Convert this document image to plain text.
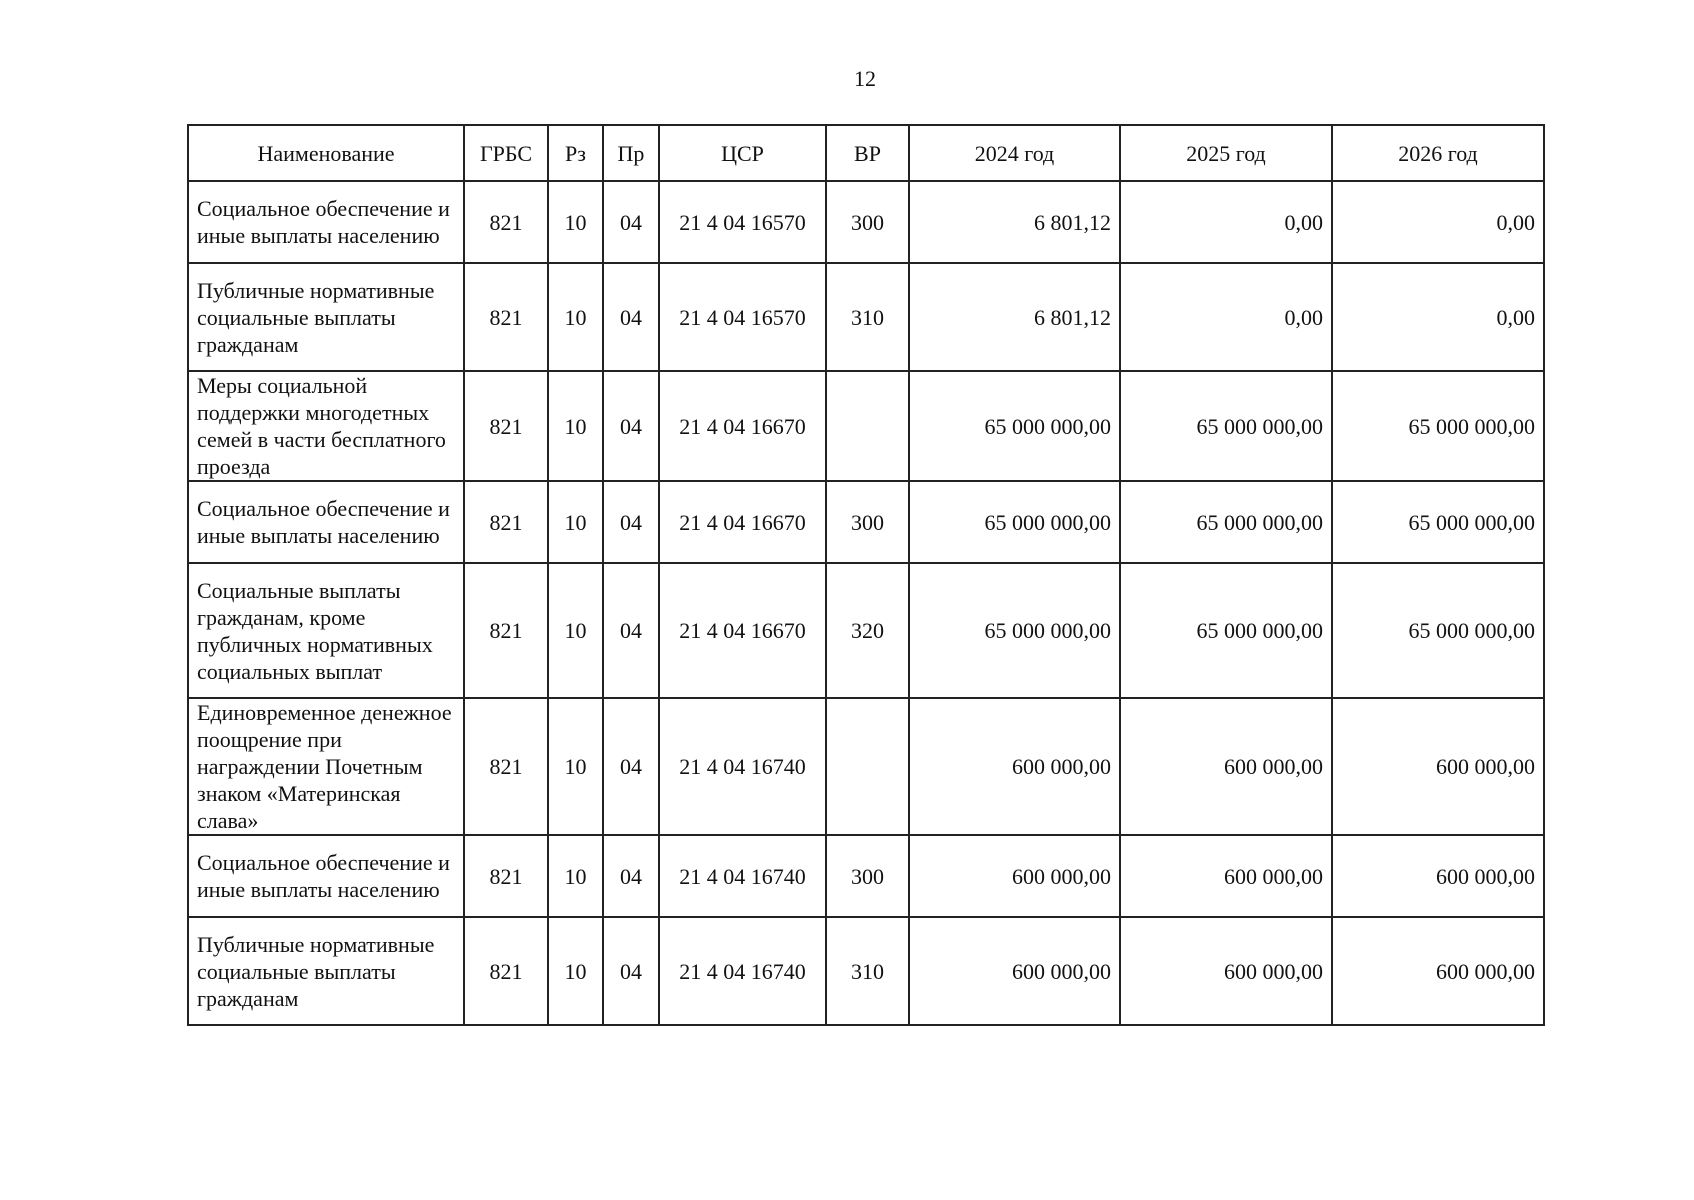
12
Наименование	ГРБС	Рз	Пр	ЦСР	ВР	2024 год	2025 год	2026 год
Социальное обеспечение и иные выплаты населению	821	10	04	21 4 04 16570	300	6 801,12	0,00	0,00
Публичные нормативные социальные выплаты гражданам	821	10	04	21 4 04 16570	310	6 801,12	0,00	0,00
Меры социальной поддержки многодетных семей в части бесплатного проезда	821	10	04	21 4 04 16670		65 000 000,00	65 000 000,00	65 000 000,00
Социальное обеспечение и иные выплаты населению	821	10	04	21 4 04 16670	300	65 000 000,00	65 000 000,00	65 000 000,00
Социальные выплаты гражданам, кроме публичных нормативных социальных выплат	821	10	04	21 4 04 16670	320	65 000 000,00	65 000 000,00	65 000 000,00
Единовременное денежное поощрение при награждении Почетным знаком «Материнская слава»	821	10	04	21 4 04 16740		600 000,00	600 000,00	600 000,00
Социальное обеспечение и иные выплаты населению	821	10	04	21 4 04 16740	300	600 000,00	600 000,00	600 000,00
Публичные нормативные социальные выплаты гражданам	821	10	04	21 4 04 16740	310	600 000,00	600 000,00	600 000,00
